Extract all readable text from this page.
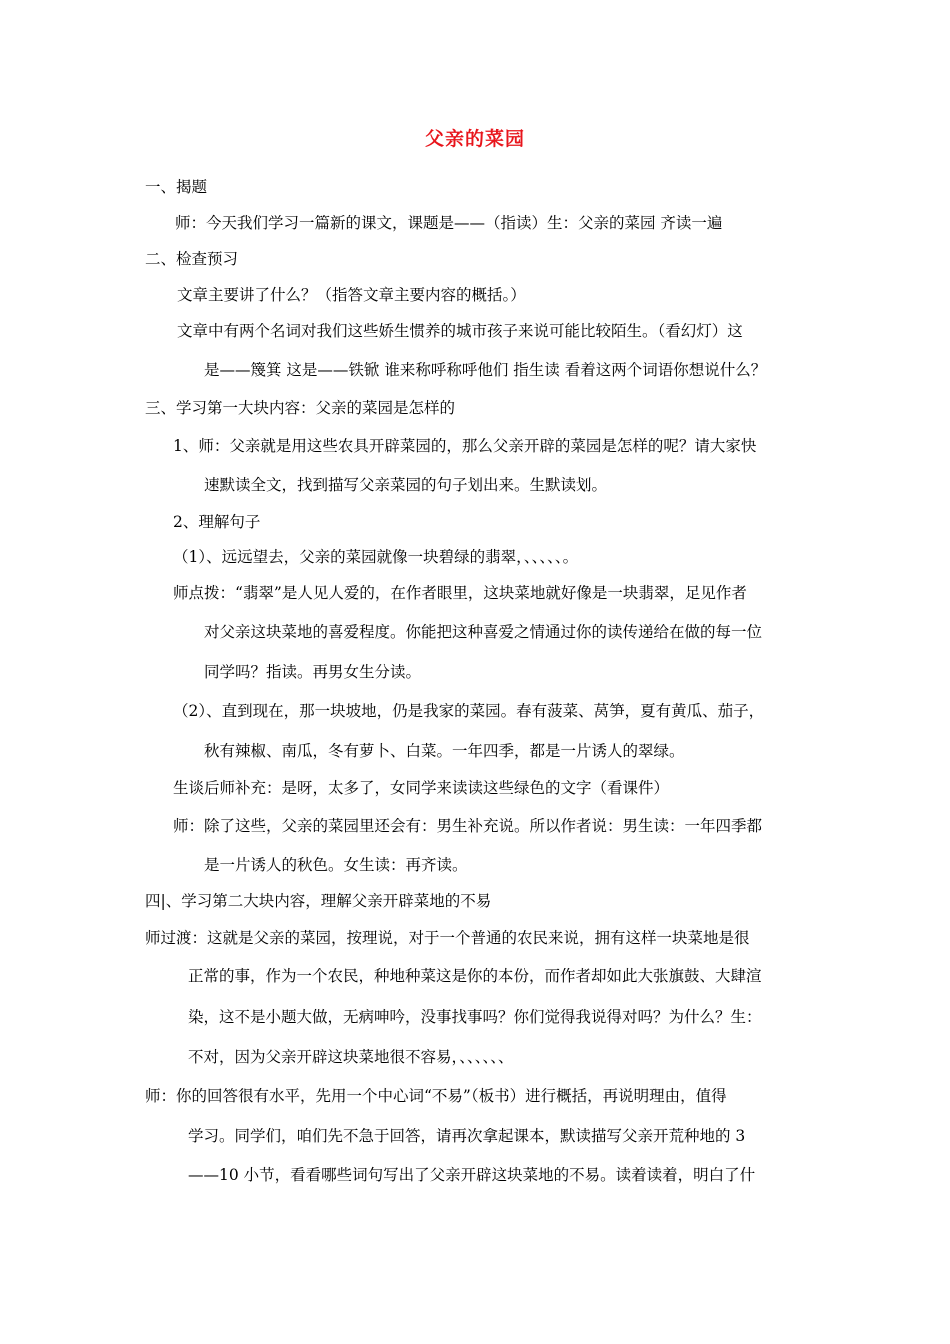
父亲的菜园
一、揭题
师：今天我们学习一篇新的课文，课题是——（指读）生：父亲的菜园 齐读一遍
二、检查预习
文章主要讲了什么？（指答文章主要内容的概括。）
文章中有两个名词对我们这些娇生惯养的城市孩子来说可能比较陌生。（看幻灯）这
是——篾箕 这是——铁锨 谁来称呼称呼他们 指生读 看着这两个词语你想说什么？
三、学习第一大块内容：父亲的菜园是怎样的
1、师：父亲就是用这些农具开辟菜园的，那么父亲开辟的菜园是怎样的呢？请大家快
速默读全文，找到描写父亲菜园的句子划出来。生默读划。
2、理解句子
（1）、远远望去，父亲的菜园就像一块碧绿的翡翠，、、、、、。
师点拨：“翡翠”是人见人爱的，在作者眼里，这块菜地就好像是一块翡翠，足见作者
对父亲这块菜地的喜爱程度。你能把这种喜爱之情通过你的读传递给在做的每一位
同学吗？指读。再男女生分读。
（2）、直到现在，那一块坡地，仍是我家的菜园。春有菠菜、莴笋，夏有黄瓜、茄子，
秋有辣椒、南瓜，冬有萝卜、白菜。一年四季，都是一片诱人的翠绿。
生谈后师补充：是呀，太多了，女同学来读读这些绿色的文字（看课件）
师：除了这些，父亲的菜园里还会有：男生补充说。所以作者说：男生读：一年四季都
是一片诱人的秋色。女生读：再齐读。
四|、学习第二大块内容，理解父亲开辟菜地的不易
师过渡：这就是父亲的菜园，按理说，对于一个普通的农民来说，拥有这样一块菜地是很
正常的事，作为一个农民，种地种菜这是你的本份，而作者却如此大张旗鼓、大肆渲
染，这不是小题大做，无病呻吟，没事找事吗？你们觉得我说得对吗？为什么？生：
不对，因为父亲开辟这块菜地很不容易，、、、、、、
师：你的回答很有水平，先用一个中心词“不易”（板书）进行概括，再说明理由，值得
学习。同学们，咱们先不急于回答，请再次拿起课本，默读描写父亲开荒种地的 3
——10 小节，看看哪些词句写出了父亲开辟这块菜地的不易。读着读着，明白了什
